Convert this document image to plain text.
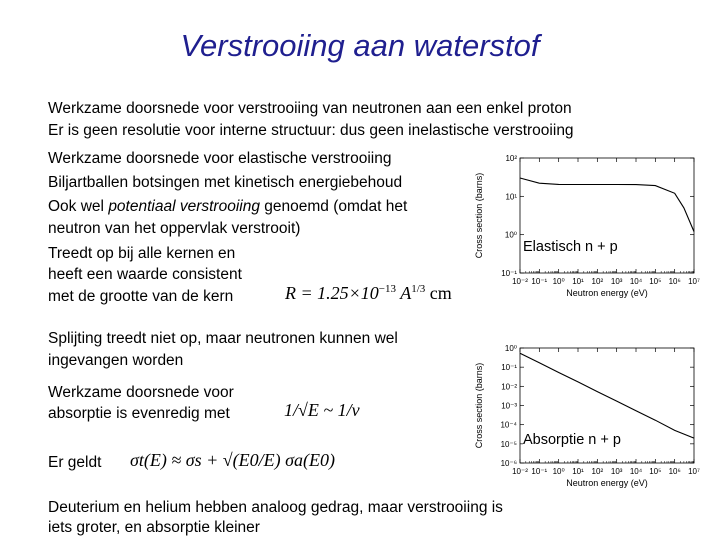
Verstrooiing aan waterstof
Werkzame doorsnede voor verstrooiing van neutronen aan een enkel proton
Er is geen resolutie voor interne structuur: dus geen inelastische verstrooiing
Werkzame doorsnede voor elastische verstrooiing
Biljartballen botsingen met kinetisch energiebehoud
Ook wel potentiaal verstrooiing genoemd (omdat het
neutron van het oppervlak verstrooit)
Treedt op bij alle kernen en
heeft een waarde consistent
met de grootte van de kern	$R = 1.25\times 10^{-13}$ $A^{1/3}$ cm
Splijting treedt niet op, maar neutronen kunnen wel
ingevangen worden
Werkzame doorsnede voor
absorptie is evenredig met	1/√E ~ 1/v
Er geldt σt(E) ≈ σs + √(E0/E) σa(E0)
Deuterium en helium hebben analoog gedrag, maar verstrooiing is
iets groter, en absorptie kleiner
10⁻² 10⁻¹ 10⁰ 10¹ 10² 10³ 10⁴ 10⁵ 10⁶ 10⁷
10⁻¹
10⁰
10¹
10²
Neutron energy (eV)
Cross section (barns)	Elastisch n + p
10⁻² 10⁻¹ 10⁰ 10¹ 10² 10³ 10⁴ 10⁵ 10⁶ 10⁷
10⁻⁶
10⁻⁵
10⁻⁴
10⁻³
10⁻²
10⁻¹
10⁰
Neutron energy (eV)
Cross section (barns)	Absorptie n + p
